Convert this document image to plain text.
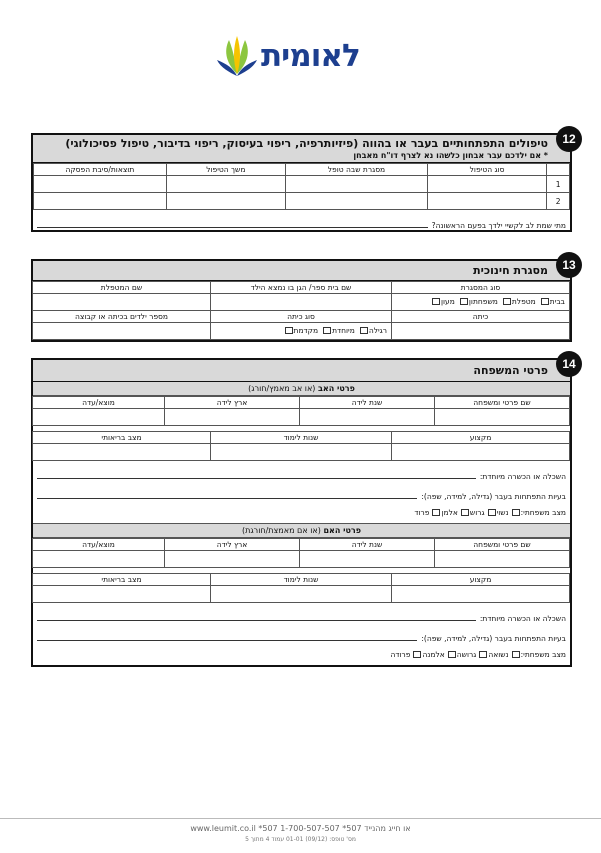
לאומית
12
טיפולים התפתחותיים בעבר או בהווה (פיזיותרפיה, ריפוי בעיסוק, ריפוי בדיבור, טיפול פסיכולוגי)
* אם ילדכם עבר אבחון כלשהו נא לצרף דו"ח מאבחן
	סוג הטיפול	מסגרת שבה טופל	משך הטיפול	תוצאות/סיבת הפסקה
1				
2				
מתי שמת לב לקשיי ילדך בפעם הראשונה?
13
מסגרת חינוכית
סוג המסגרת	שם בית ספר/ הגן בו נמצא הילד	שם המטפלת

בבית
מטפלת
משפחתון
מעון		

כיתה	סוג כיתה	מספר ילדים בכיתה או קבוצה

	רגילה
מיוחדת
מקדמת	

14
פרטי המשפחה
פרטי האב (או אב מאמץ/חורג)
שם פרטי ומשפחה	שנת לידה	ארץ לידה	מוצא/עדה

מקצוע	שנות לימוד	מצב בריאותי

השכלה או הכשרה מיוחדת:
בעיות התפתחות בעבר (גדילה, למידה, שפה):
מצב משפחתי:
נשוי
גרוש
אלמן
פרוד
פרטי האם (או אם מאמצת/חורגת)
שם פרטי ומשפחה	שנת לידה	ארץ לידה	מוצא/עדה

מקצוע	שנות לימוד	מצב בריאותי

השכלה או הכשרה מיוחדת:
בעיות התפתחות בעבר (גדילה, למידה, שפה):
מצב משפחתי:
נשואה
גרושה
אלמנה
פרודה
www.leumit.co.il *507 או חייג מהנייד 507* 1-700-507-507
מס' טופס: (09/12) 01-01 עמוד 4 מתוך 5
